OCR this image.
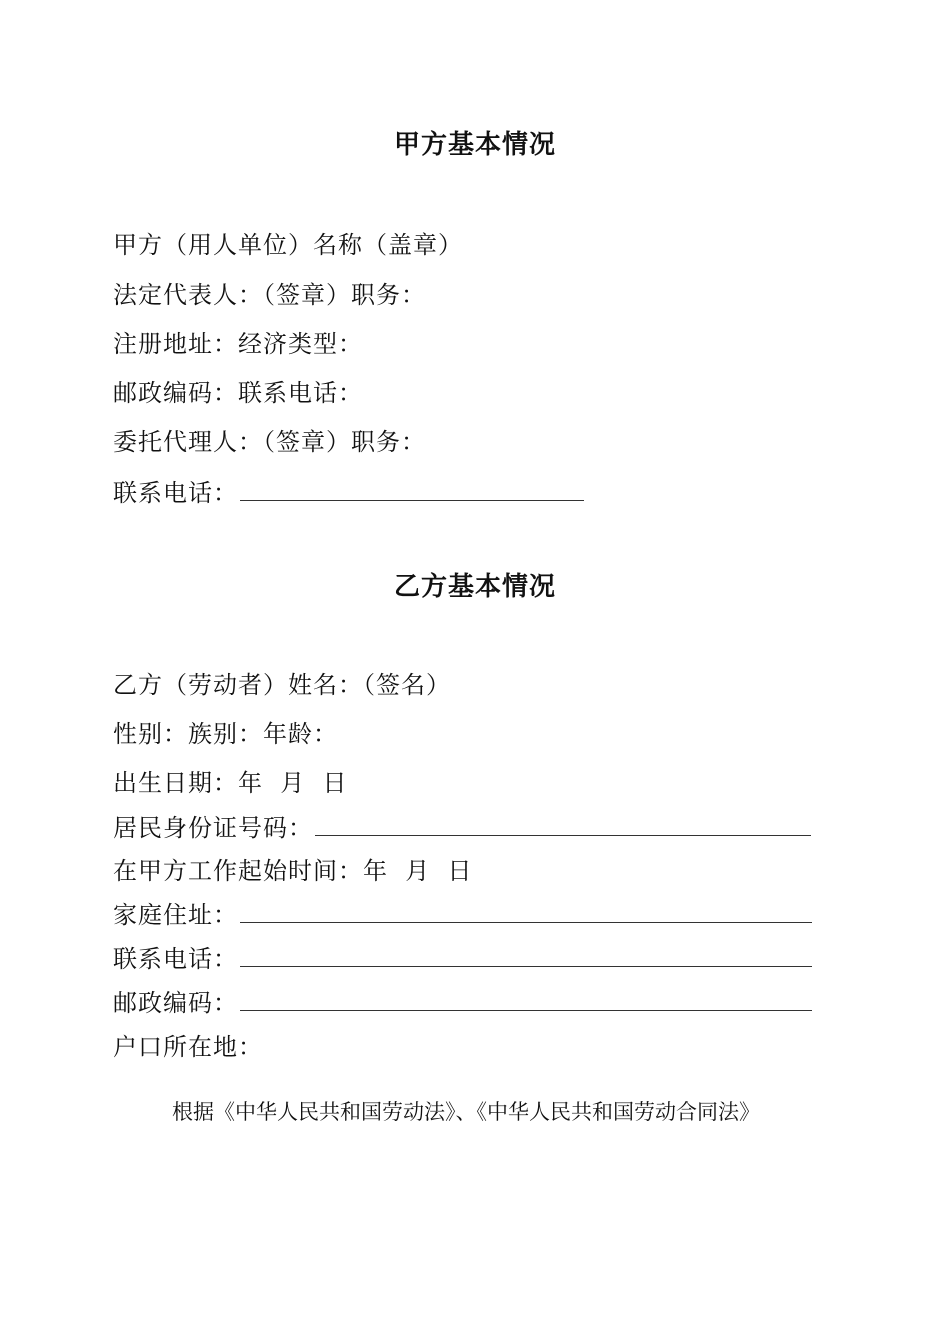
甲方基本情况
甲方（用人单位）名称（盖章）
法定代表人：（签章）职务：
注册地址：经济类型：
邮政编码：联系电话：
委托代理人：（签章）职务：
联系电话：
乙方基本情况
乙方（劳动者）姓名：（签名）
性别：族别：年龄：
出生日期：年  月  日
居民身份证号码：
在甲方工作起始时间：年  月  日
家庭住址：
联系电话：
邮政编码：
户口所在地：
根据《中华人民共和国劳动法》、《中华人民共和国劳动合同法》
